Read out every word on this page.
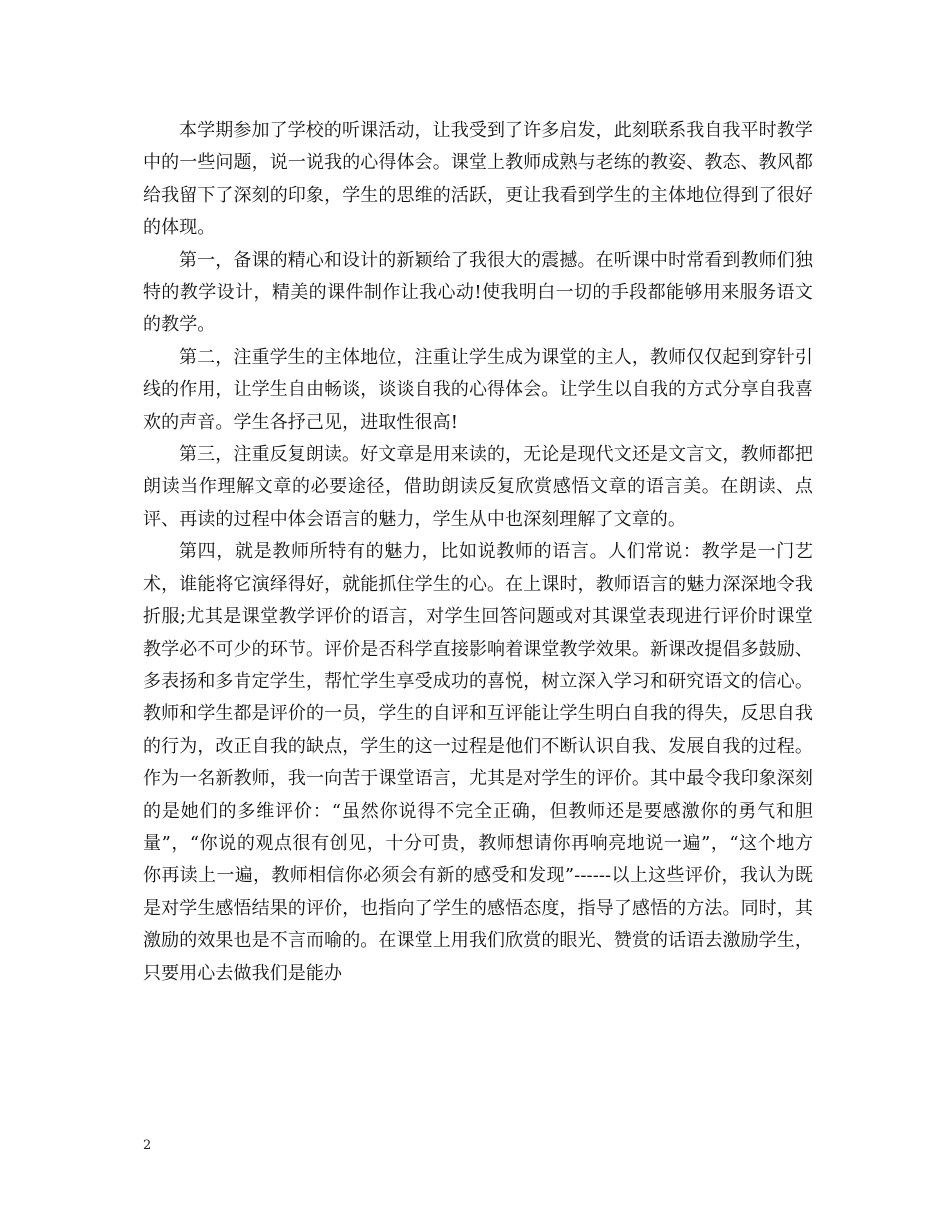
本学期参加了学校的听课活动，让我受到了许多启发，此刻联系我自我平时教学中的一些问题，说一说我的心得体会。课堂上教师成熟与老练的教姿、教态、教风都给我留下了深刻的印象，学生的思维的活跃，更让我看到学生的主体地位得到了很好的体现。

第一，备课的精心和设计的新颖给了我很大的震撼。在听课中时常看到教师们独特的教学设计，精美的课件制作让我心动!使我明白一切的手段都能够用来服务语文的教学。

第二，注重学生的主体地位，注重让学生成为课堂的主人，教师仅仅起到穿针引线的作用，让学生自由畅谈，谈谈自我的心得体会。让学生以自我的方式分享自我喜欢的声音。学生各抒己见，进取性很高!

第三，注重反复朗读。好文章是用来读的，无论是现代文还是文言文，教师都把朗读当作理解文章的必要途径，借助朗读反复欣赏感悟文章的语言美。在朗读、点评、再读的过程中体会语言的魅力，学生从中也深刻理解了文章的。

第四，就是教师所特有的魅力，比如说教师的语言。人们常说：教学是一门艺术，谁能将它演绎得好，就能抓住学生的心。在上课时，教师语言的魅力深深地令我折服;尤其是课堂教学评价的语言，对学生回答问题或对其课堂表现进行评价时课堂教学必不可少的环节。评价是否科学直接影响着课堂教学效果。新课改提倡多鼓励、多表扬和多肯定学生，帮忙学生享受成功的喜悦，树立深入学习和研究语文的信心。教师和学生都是评价的一员，学生的自评和互评能让学生明白自我的得失，反思自我的行为，改正自我的缺点，学生的这一过程是他们不断认识自我、发展自我的过程。作为一名新教师，我一向苦于课堂语言，尤其是对学生的评价。其中最令我印象深刻的是她们的多维评价：“虽然你说得不完全正确，但教师还是要感激你的勇气和胆量”，“你说的观点很有创见，十分可贵，教师想请你再响亮地说一遍”，“这个地方你再读上一遍，教师相信你必须会有新的感受和发现”------以上这些评价，我认为既是对学生感悟结果的评价，也指向了学生的感悟态度，指导了感悟的方法。同时，其激励的效果也是不言而喻的。在课堂上用我们欣赏的眼光、赞赏的话语去激励学生，只要用心去做我们是能办

2
